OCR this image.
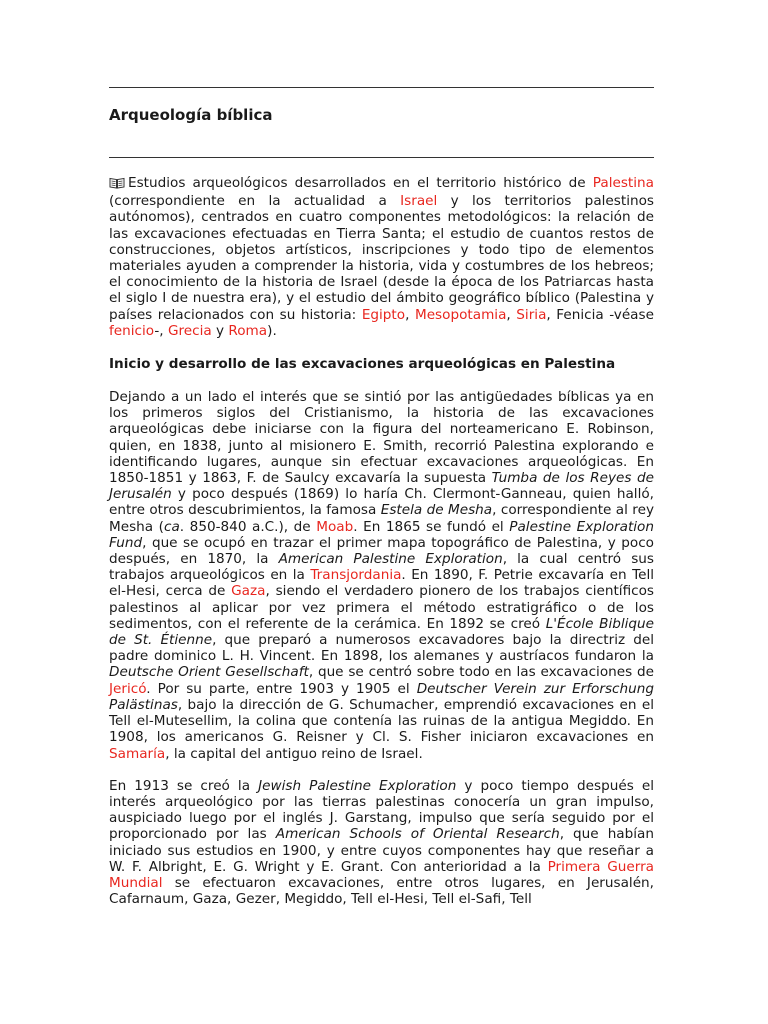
Arqueología bíblica

Estudios arqueológicos desarrollados en el territorio histórico de Palestina (correspondiente en la actualidad a Israel y los territorios palestinos autónomos), centrados en cuatro componentes metodológicos: la relación de las excavaciones efectuadas en Tierra Santa; el estudio de cuantos restos de construcciones, objetos artísticos, inscripciones y todo tipo de elementos materiales ayuden a comprender la historia, vida y costumbres de los hebreos; el conocimiento de la historia de Israel (desde la época de los Patriarcas hasta el siglo I de nuestra era), y el estudio del ámbito geográfico bíblico (Palestina y países relacionados con su historia: Egipto, Mesopotamia, Siria, Fenicia -véase fenicio-, Grecia y Roma).

Inicio y desarrollo de las excavaciones arqueológicas en Palestina

Dejando a un lado el interés que se sintió por las antigüedades bíblicas ya en los primeros siglos del Cristianismo, la historia de las excavaciones arqueológicas debe iniciarse con la figura del norteamericano E. Robinson, quien, en 1838, junto al misionero E. Smith, recorrió Palestina explorando e identificando lugares, aunque sin efectuar excavaciones arqueológicas. En 1850-1851 y 1863, F. de Saulcy excavaría la supuesta Tumba de los Reyes de Jerusalén y poco después (1869) lo haría Ch. Clermont-Ganneau, quien halló, entre otros descubrimientos, la famosa Estela de Mesha, correspondiente al rey Mesha (ca. 850-840 a.C.), de Moab. En 1865 se fundó el Palestine Exploration Fund, que se ocupó en trazar el primer mapa topográfico de Palestina, y poco después, en 1870, la American Palestine Exploration, la cual centró sus trabajos arqueológicos en la Transjordania. En 1890, F. Petrie excavaría en Tell el-Hesi, cerca de Gaza, siendo el verdadero pionero de los trabajos científicos palestinos al aplicar por vez primera el método estratigráfico o de los sedimentos, con el referente de la cerámica. En 1892 se creó L'École Biblique de St. Étienne, que preparó a numerosos excavadores bajo la directriz del padre dominico L. H. Vincent. En 1898, los alemanes y austríacos fundaron la Deutsche Orient Gesellschaft, que se centró sobre todo en las excavaciones de Jericó. Por su parte, entre 1903 y 1905 el Deutscher Verein zur Erforschung Palästinas, bajo la dirección de G. Schumacher, emprendió excavaciones en el Tell el-Mutesellim, la colina que contenía las ruinas de la antigua Megiddo. En 1908, los americanos G. Reisner y Cl. S. Fisher iniciaron excavaciones en Samaría, la capital del antiguo reino de Israel.

En 1913 se creó la Jewish Palestine Exploration y poco tiempo después el interés arqueológico por las tierras palestinas conocería un gran impulso, auspiciado luego por el inglés J. Garstang, impulso que sería seguido por el proporcionado por las American Schools of Oriental Research, que habían iniciado sus estudios en 1900, y entre cuyos componentes hay que reseñar a W. F. Albright, E. G. Wright y E. Grant. Con anterioridad a la Primera Guerra Mundial se efectuaron excavaciones, entre otros lugares, en Jerusalén, Cafarnaum, Gaza, Gezer, Megiddo, Tell el-Hesi, Tell el-Safi, Tell
